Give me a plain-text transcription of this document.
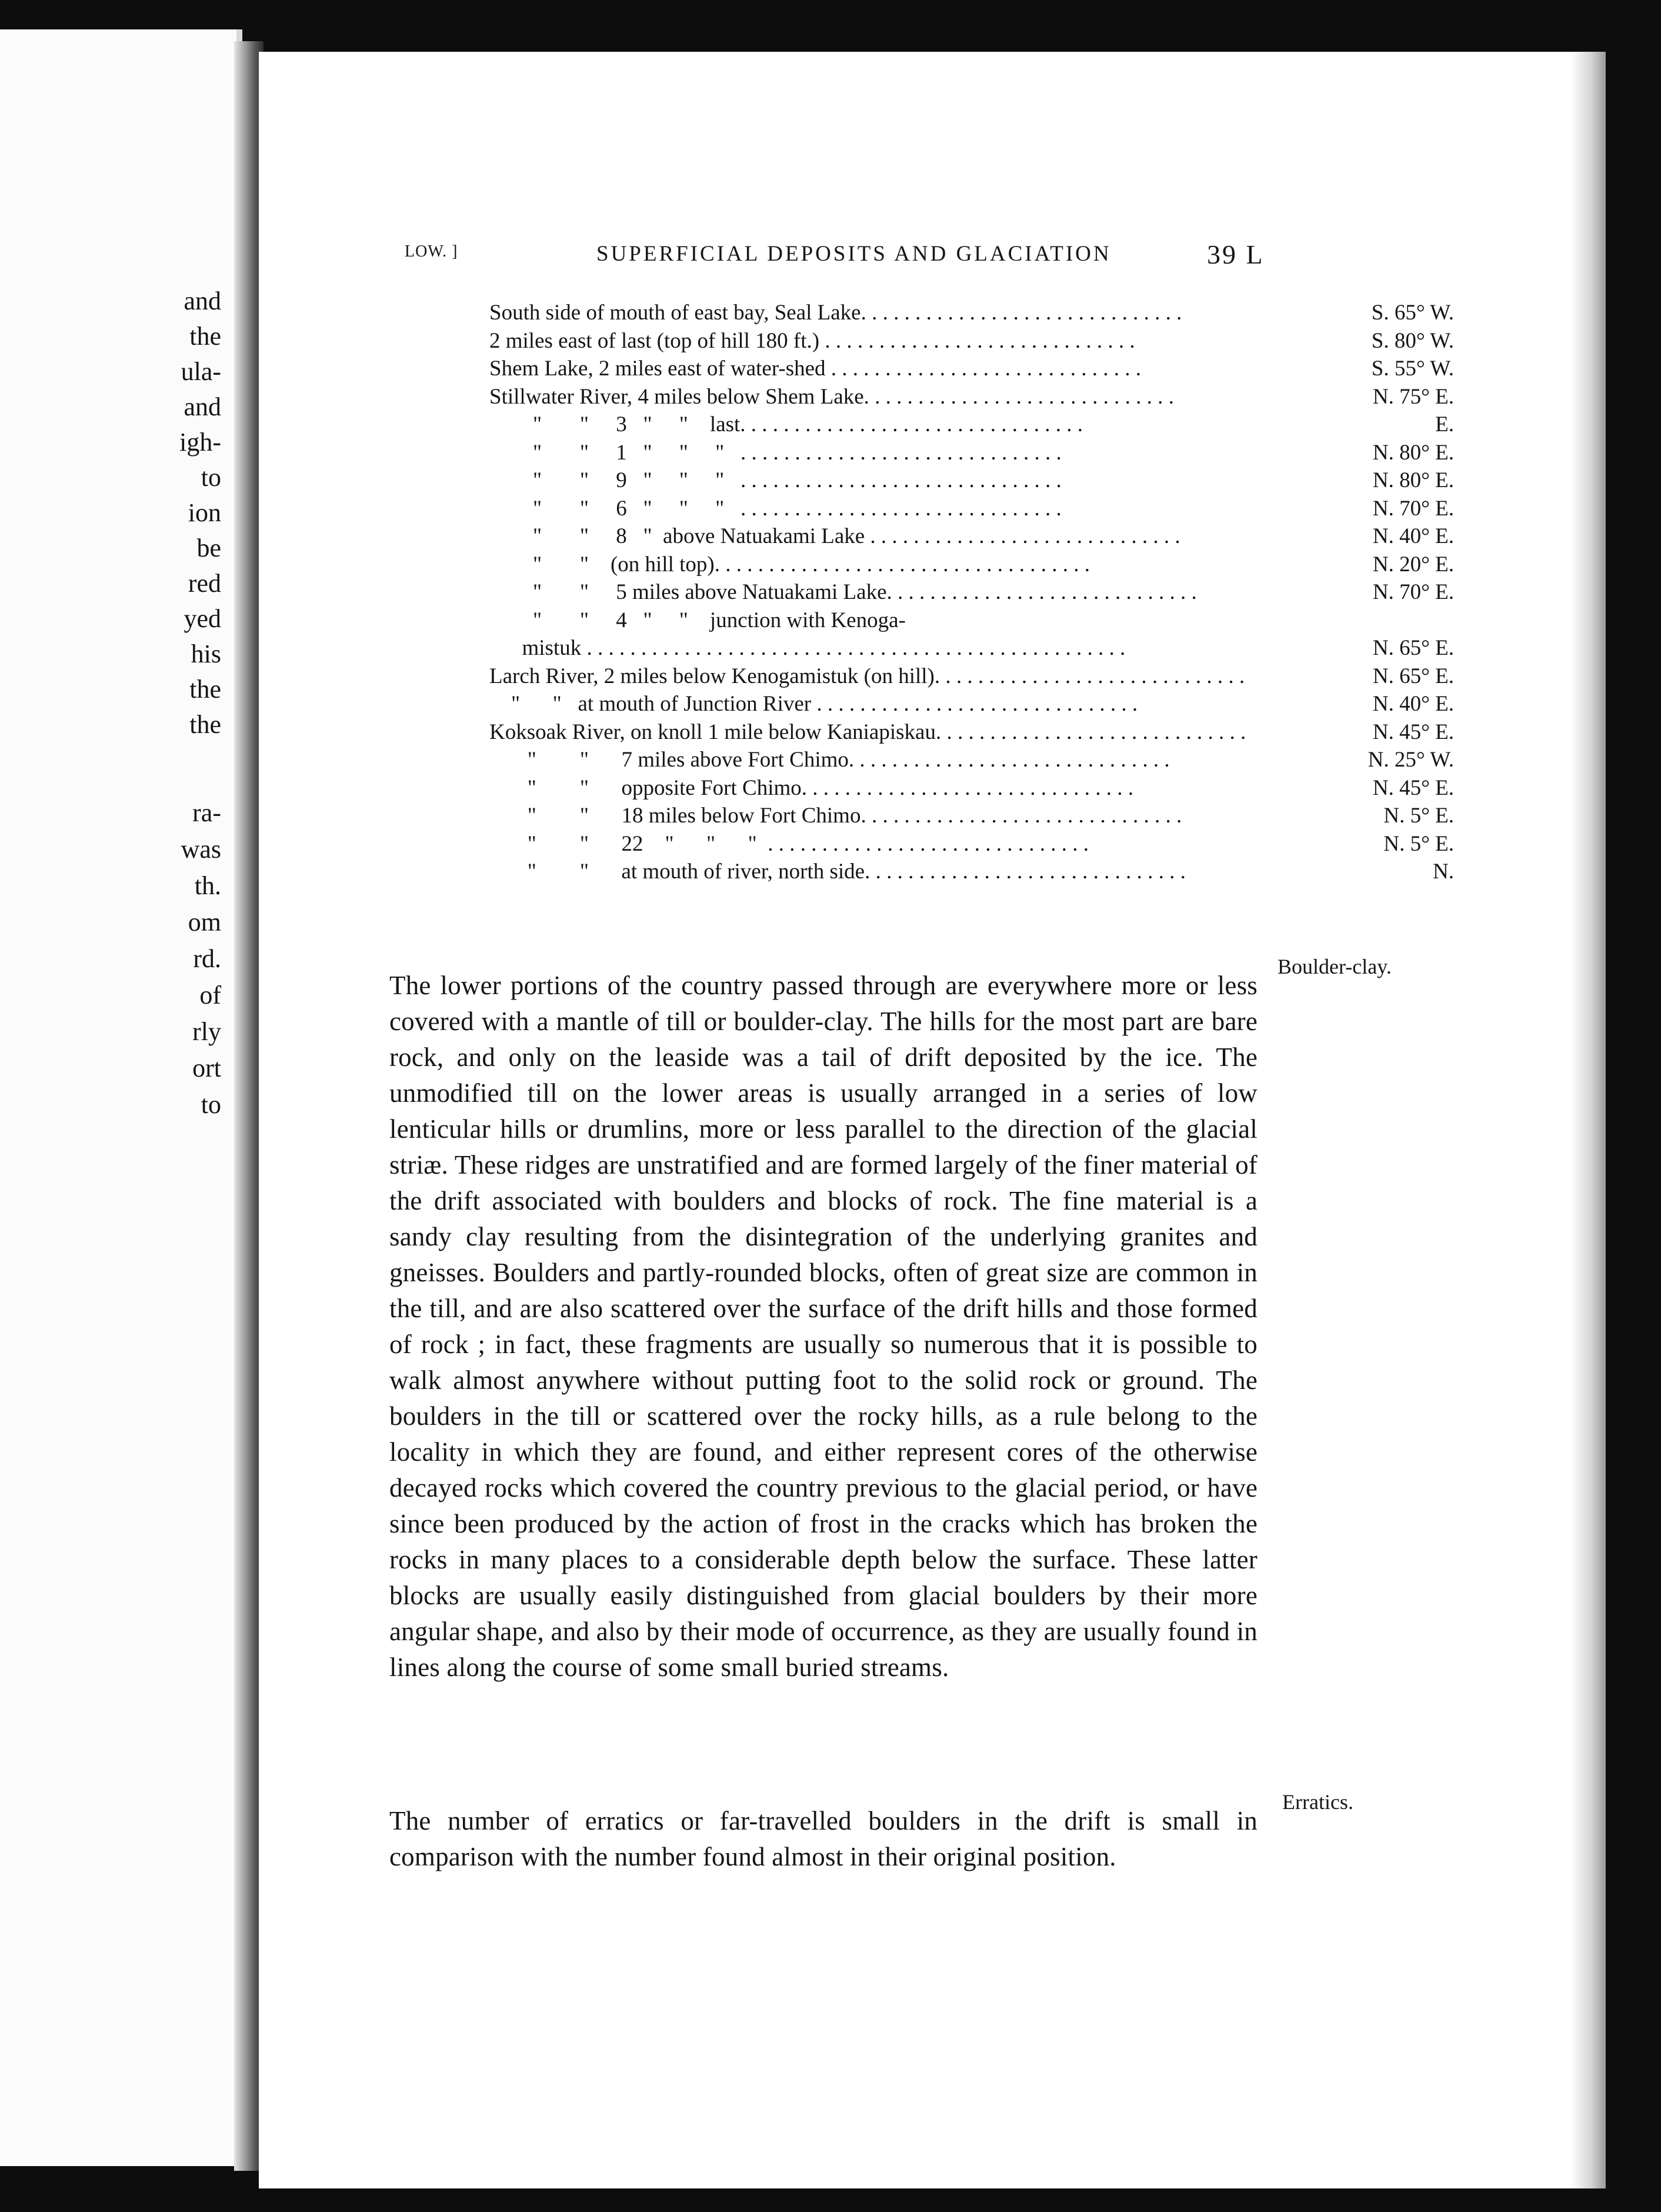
and
the
ula-
and
igh-
to
ion
be
red
yed
his
the
the
ra-
was
th.
om
rd.
of
rly
ort
to
LOW. ]	SUPERFICIAL DEPOSITS AND GLACIATION	39 L
South side of mouth of east bay, Seal Lake. . . . . . . . . . . . . . . . . . . . . . . . . . . . . .	S. 65° W.
2 miles east of last (top of hill 180 ft.) . . . . . . . . . . . . . . . . . . . . . . . . . . . . .	S. 80° W.
Shem Lake, 2 miles east of water-shed . . . . . . . . . . . . . . . . . . . . . . . . . . . . .	S. 55° W.
Stillwater River, 4 miles below Shem Lake. . . . . . . . . . . . . . . . . . . . . . . . . . . . .	N. 75° E.
"       "     3   "     "    last. . . . . . . . . . . . . . . . . . . . . . . . . . . . . . . .	E.
"       "     1   "     "     "   . . . . . . . . . . . . . . . . . . . . . . . . . . . . . .	N. 80° E.
"       "     9   "     "     "   . . . . . . . . . . . . . . . . . . . . . . . . . . . . . .	N. 80° E.
"       "     6   "     "     "   . . . . . . . . . . . . . . . . . . . . . . . . . . . . . .	N. 70° E.
"       "     8   "  above Natuakami Lake . . . . . . . . . . . . . . . . . . . . . . . . . . . . .	N. 40° E.
"       "    (on hill top). . . . . . . . . . . . . . . . . . . . . . . . . . . . . . . . . . .	N. 20° E.
"       "     5 miles above Natuakami Lake. . . . . . . . . . . . . . . . . . . . . . . . . . . . .	N. 70° E.
"       "     4   "     "    junction with Kenoga-
mistuk . . . . . . . . . . . . . . . . . . . . . . . . . . . . . . . . . . . . . . . . . . . . . . . . . .	N. 65° E.
Larch River, 2 miles below Kenogamistuk (on hill). . . . . . . . . . . . . . . . . . . . . . . . . . . . .	N. 65° E.
"      "   at mouth of Junction River . . . . . . . . . . . . . . . . . . . . . . . . . . . . . .	N. 40° E.
Koksoak River, on knoll 1 mile below Kaniapiskau. . . . . . . . . . . . . . . . . . . . . . . . . . . . .	N. 45° E.
"        "      7 miles above Fort Chimo. . . . . . . . . . . . . . . . . . . . . . . . . . . . . .	N. 25° W.
"        "      opposite Fort Chimo. . . . . . . . . . . . . . . . . . . . . . . . . . . . . . .	N. 45° E.
"        "      18 miles below Fort Chimo. . . . . . . . . . . . . . . . . . . . . . . . . . . . . .	N. 5° E.
"        "      22    "      "      "  . . . . . . . . . . . . . . . . . . . . . . . . . . . . . .	N. 5° E.
"        "      at mouth of river, north side. . . . . . . . . . . . . . . . . . . . . . . . . . . . . .	N.

The lower portions of the country passed through are everywhere more or less covered with a mantle of till or boulder-clay. The hills for the most part are bare rock, and only on the leaside was a tail of drift deposited by the ice. The unmodified till on the lower areas is usually arranged in a series of low lenticular hills or drumlins, more or less parallel to the direction of the glacial striæ. These ridges are unstratified and are formed largely of the finer material of the drift associated with boulders and blocks of rock. The fine material is a sandy clay resulting from the disintegration of the underlying granites and gneisses. Boulders and partly-rounded blocks, often of great size are common in the till, and are also scattered over the surface of the drift hills and those formed of rock ; in fact, these fragments are usually so numerous that it is possible to walk almost anywhere without putting foot to the solid rock or ground. The boulders in the till or scattered over the rocky hills, as a rule belong to the locality in which they are found, and either represent cores of the otherwise decayed rocks which covered the country previous to the glacial period, or have since been produced by the action of frost in the cracks which has broken the rocks in many places to a considerable depth below the surface. These latter blocks are usually easily distinguished from glacial boulders by their more angular shape, and also by their mode of occurrence, as they are usually found in lines along the course of some small buried streams.

Boulder-clay.

The number of erratics or far-travelled boulders in the drift is small in comparison with the number found almost in their original position.

Erratics.
